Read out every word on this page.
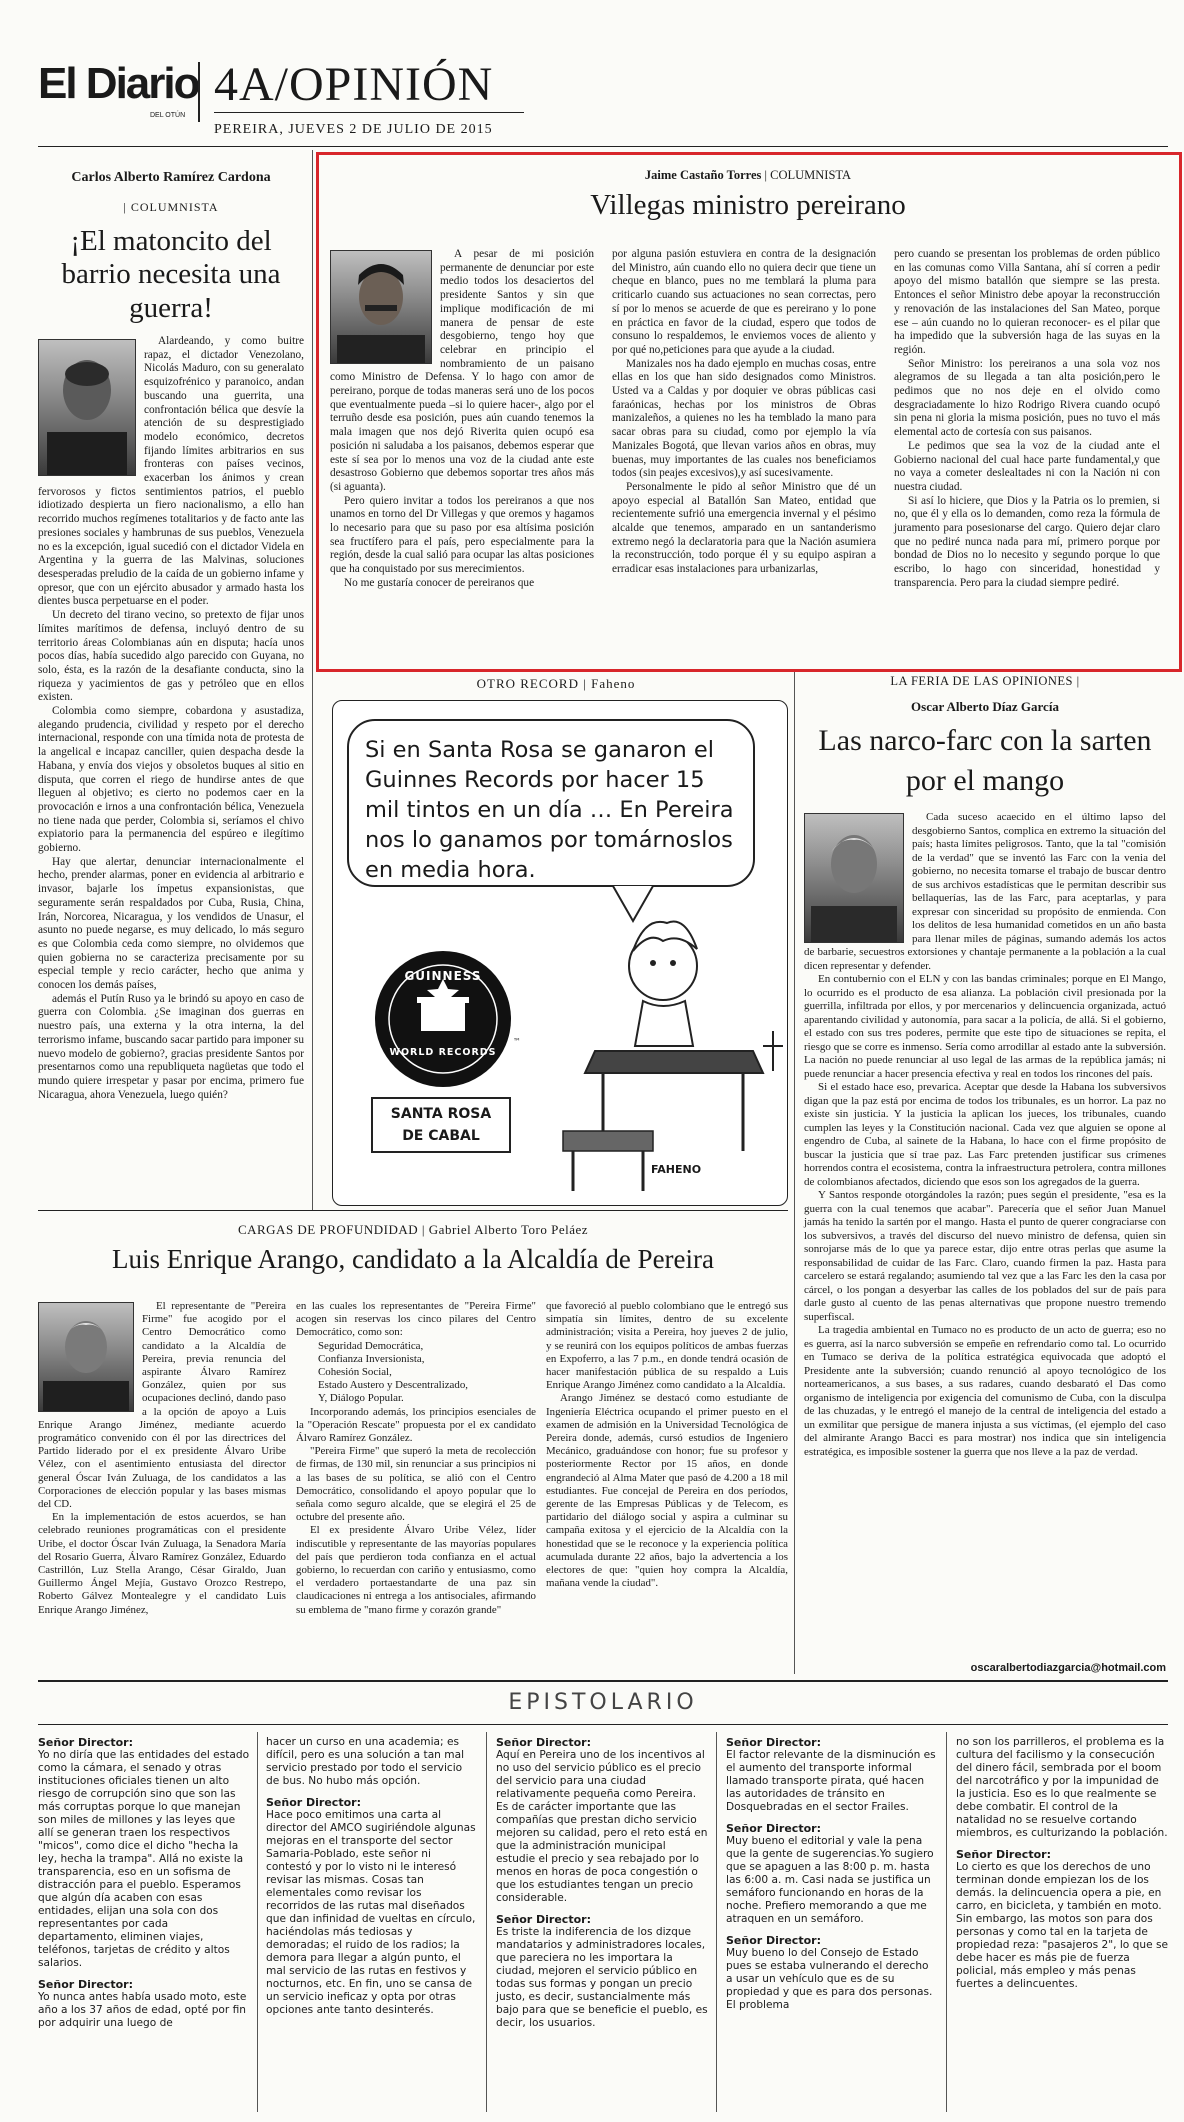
El Diario
DEL OTÚN
4A/OPINIÓN
PEREIRA, JUEVES 2 DE JULIO DE 2015
Carlos Alberto Ramírez Cardona
| COLUMNISTA
¡El matoncito del barrio necesita una guerra!

Alardeando, y como buitre rapaz, el dictador Venezolano, Nicolás Maduro, con su generalato esquizofrénico y paranoico, andan buscando una guerrita, una confrontación bélica que desvíe la atención de su desprestigiado modelo económico, decretos fijando límites arbitrarios en sus fronteras con países vecinos, exacerban los ánimos y crean fervorosos y fictos sentimientos patrios, el pueblo idiotizado despierta un fiero nacionalismo, a ello han recorrido muchos regímenes totalitarios y de facto ante las presiones sociales y hambrunas de sus pueblos, Venezuela no es la excepción, igual sucedió con el dictador Videla en Argentina y la guerra de las Malvinas, soluciones desesperadas preludio de la caída de un gobierno infame y opresor, que con un ejército abusador y armado hasta los dientes busca perpetuarse en el poder.

Un decreto del tirano vecino, so pretexto de fijar unos límites marítimos de defensa, incluyó dentro de su territorio áreas Colombianas aún en disputa; hacía unos pocos días, había sucedido algo parecido con Guyana, no solo, ésta, es la razón de la desafiante conducta, sino la riqueza y yacimientos de gas y petróleo que en ellos existen.

Colombia como siempre, cobardona y asustadiza, alegando prudencia, civilidad y respeto por el derecho internacional, responde con una tímida nota de protesta de la angelical e incapaz canciller, quien despacha desde la Habana, y envía dos viejos y obsoletos buques al sitio en disputa, que corren el riego de hundirse antes de que lleguen al objetivo; es cierto no podemos caer en la provocación e irnos a una confrontación bélica, Venezuela no tiene nada que perder, Colombia si, seríamos el chivo expiatorio para la permanencia del espúreo e ilegítimo gobierno.

Hay que alertar, denunciar internacionalmente el hecho, prender alarmas, poner en evidencia al arbitrario e invasor, bajarle los ímpetus expansionistas, que seguramente serán respaldados por Cuba, Rusia, China, Irán, Norcorea, Nicaragua, y los vendidos de Unasur, el asunto no puede negarse, es muy delicado, lo más seguro es que Colombia ceda como siempre, no olvidemos que quien gobierna no se caracteriza precisamente por su especial temple y recio carácter, hecho que anima y conocen los demás países,

además el Putín Ruso ya le brindó su apoyo en caso de guerra con Colombia. ¿Se imaginan dos guerras en nuestro país, una externa y la otra interna, la del terrorismo infame, buscando sacar partido para imponer su nuevo modelo de gobierno?, gracias presidente Santos por presentarnos como una republiqueta nagüetas que todo el mundo quiere irrespetar y pasar por encima, primero fue Nicaragua, ahora Venezuela, luego quién?

Jaime Castaño Torres | COLUMNISTA
Villegas ministro pereirano

A pesar de mi posición permanente de denunciar por este medio todos los desaciertos del presidente Santos y sin que implique modificación de mi manera de pensar de este desgobierno, tengo hoy que celebrar en principio el nombramiento de un paisano como Ministro de Defensa. Y lo hago con amor de pereirano, porque de todas maneras será uno de los pocos que eventualmente pueda –si lo quiere hacer-, algo por el terruño desde esa posición, pues aún cuando tenemos la mala imagen que nos dejó Riverita quien ocupó esa posición ni saludaba a los paisanos, debemos esperar que este sí sea por lo menos una voz de la ciudad ante este desastroso Gobierno que debemos soportar tres años más (si aguanta).

Pero quiero invitar a todos los pereiranos a que nos unamos en torno del Dr Villegas y que oremos y hagamos lo necesario para que su paso por esa altísima posición sea fructífero para el país, pero especialmente para la región, desde la cual salió para ocupar las altas posiciones que ha conquistado por sus merecimientos.

No me gustaría conocer de pereiranos que

por alguna pasión estuviera en contra de la designación del Ministro, aún cuando ello no quiera decir que tiene un cheque en blanco, pues no me temblará la pluma para criticarlo cuando sus actuaciones no sean correctas, pero sí por lo menos se acuerde de que es pereirano y lo pone en práctica en favor de la ciudad, espero que todos de consuno lo respaldemos, le enviemos voces de aliento y por qué no,peticiones para que ayude a la ciudad.

Manizales nos ha dado ejemplo en muchas cosas, entre ellas en los que han sido designados como Ministros. Usted va a Caldas y por doquier ve obras públicas casi faraónicas, hechas por los ministros de Obras manizaleños, a quienes no les ha temblado la mano para sacar obras para su ciudad, como por ejemplo la vía Manizales Bogotá, que llevan varios años en obras, muy buenas, muy importantes de las cuales nos beneficiamos todos (sin peajes excesivos),y así sucesivamente.

Personalmente le pido al señor Ministro que dé un apoyo especial al Batallón San Mateo, entidad que recientemente sufrió una emergencia invernal y el pésimo alcalde que tenemos, amparado en un santanderismo extremo negó la declaratoria para que la Nación asumiera la reconstrucción, todo porque él y su equipo aspiran a erradicar esas instalaciones para urbanizarlas,

pero cuando se presentan los problemas de orden público en las comunas como Villa Santana, ahí sí corren a pedir apoyo del mismo batallón que siempre se las presta. Entonces el señor Ministro debe apoyar la reconstrucción y renovación de las instalaciones del San Mateo, porque ese – aún cuando no lo quieran reconocer- es el pilar que ha impedido que la subversión haga de las suyas en la región.

Señor Ministro: los pereiranos a una sola voz nos alegramos de su llegada a tan alta posición,pero le pedimos que no nos deje en el olvido como desgraciadamente lo hizo Rodrigo Rivera cuando ocupó sin pena ni gloria la misma posición, pues no tuvo el más elemental acto de cortesía con sus paisanos.

Le pedimos que sea la voz de la ciudad ante el Gobierno nacional del cual hace parte fundamental,y que no vaya a cometer deslealtades ni con la Nación ni con nuestra ciudad.

Si así lo hiciere, que Dios y la Patria os lo premien, si no, que él y ella os lo demanden, como reza la fórmula de juramento para posesionarse del cargo. Quiero dejar claro que no pediré nunca nada para mí, primero porque por bondad de Dios no lo necesito y segundo porque lo que escribo, lo hago con sinceridad, honestidad y transparencia. Pero para la ciudad siempre pediré.

OTRO RECORD | Faheno
Si en Santa Rosa se ganaron el Guinnes Records por hacer 15 mil tintos en un día … En Pereira nos lo ganamos por tomárnoslos en media hora.
GUINNESS
WORLD RECORDS
™
SANTA ROSA
DE CABAL
FAHENO
LA FERIA DE LAS OPINIONES |
Oscar Alberto Díaz García
Las narco-farc con la sarten por el mango

Cada suceso acaecido en el último lapso del desgobierno Santos, complica en extremo la situación del país; hasta límites peligrosos. Tanto, que la tal "comisión de la verdad" que se inventó las Farc con la venia del gobierno, no necesita tomarse el trabajo de buscar dentro de sus archivos estadísticas que le permitan describir sus bellaquerías, las de las Farc, para aceptarlas, y para expresar con sinceridad su propósito de enmienda. Con los delitos de lesa humanidad cometidos en un año basta para llenar miles de páginas, sumando además los actos de barbarie, secuestros extorsiones y chantaje permanente a la población a la cual dicen representar y defender.

En contubernio con el ELN y con las bandas criminales; porque en El Mango, lo ocurrido es el producto de esa alianza. La población civil presionada por la guerrilla, infiltrada por ellos, y por mercenarios y delincuencia organizada, actuó aparentando civilidad y autonomía, para sacar a la policía, de allá. Si el gobierno, el estado con sus tres poderes, permite que este tipo de situaciones se repita, el riesgo que se corre es inmenso. Sería como arrodillar al estado ante la subversión. La nación no puede renunciar al uso legal de las armas de la república jamás; ni puede renunciar a hacer presencia efectiva y real en todos los rincones del país.

Si el estado hace eso, prevarica. Aceptar que desde la Habana los subversivos digan que la paz está por encima de todos los tribunales, es un horror. La paz no existe sin justicia. Y la justicia la aplican los jueces, los tribunales, cuando cumplen las leyes y la Constitución nacional. Cada vez que alguien se opone al engendro de Cuba, al sainete de la Habana, lo hace con el firme propósito de buscar la justicia que sí trae paz. Las Farc pretenden justificar sus crímenes horrendos contra el ecosistema, contra la infraestructura petrolera, contra millones de colombianos afectados, diciendo que esos son los agregados de la guerra.

Y Santos responde otorgándoles la razón; pues según el presidente, "esa es la guerra con la cual tenemos que acabar". Parecería que el señor Juan Manuel jamás ha tenido la sartén por el mango. Hasta el punto de querer congraciarse con los subversivos, a través del discurso del nuevo ministro de defensa, quien sin sonrojarse más de lo que ya parece estar, dijo entre otras perlas que asume la responsabilidad de cuidar de las Farc. Claro, cuando firmen la paz. Hasta para carcelero se estará regalando; asumiendo tal vez que a las Farc les den la casa por cárcel, o los pongan a desyerbar las calles de los poblados del sur de país para darle gusto al cuento de las penas alternativas que propone nuestro tremendo superfiscal.

La tragedia ambiental en Tumaco no es producto de un acto de guerra; eso no es guerra, así la narco subversión se empeñe en refrendario como tal. Lo ocurrido en Tumaco se deriva de la política estratégica equivocada que adoptó el Presidente ante la subversión; cuando renunció al apoyo tecnológico de los norteamericanos, a sus bases, a sus radares, cuando desbarató el Das como organismo de inteligencia por exigencia del comunismo de Cuba, con la disculpa de las chuzadas, y le entregó el manejo de la central de inteligencia del estado a un exmilitar que persigue de manera injusta a sus víctimas, (el ejemplo del caso del almirante Arango Bacci es para mostrar) nos indica que sin inteligencia estratégica, es imposible sostener la guerra que nos lleve a la paz de verdad.

oscaralbertodiazgarcia@hotmail.com
CARGAS DE PROFUNDIDAD | Gabriel Alberto Toro Peláez
Luis Enrique Arango, candidato a la Alcaldía de Pereira

El representante de "Pereira Firme" fue acogido por el Centro Democrático como candidato a la Alcaldía de Pereira, previa renuncia del aspirante Álvaro Ramírez González, quien por sus ocupaciones declinó, dando paso a la opción de apoyo a Luis Enrique Arango Jiménez, mediante acuerdo programático convenido con él por las directrices del Partido liderado por el ex presidente Álvaro Uribe Vélez, con el asentimiento entusiasta del director general Óscar Iván Zuluaga, de los candidatos a las Corporaciones de elección popular y las bases mismas del CD.

En la implementación de estos acuerdos, se han celebrado reuniones programáticas con el presidente Uribe, el doctor Óscar Iván Zuluaga, la Senadora María del Rosario Guerra, Álvaro Ramírez González, Eduardo Castrillón, Luz Stella Arango, César Giraldo, Juan Guillermo Ángel Mejía, Gustavo Orozco Restrepo, Roberto Gálvez Montealegre y el candidato Luis Enrique Arango Jiménez,

en las cuales los representantes de "Pereira Firme" acogen sin reservas los cinco pilares del Centro Democrático, como son:

Seguridad Democrática,
Confianza Inversionista,
Cohesión Social,
Estado Austero y Descentralizado,
Y, Diálogo Popular.

Incorporando además, los principios esenciales de la "Operación Rescate" propuesta por el ex candidato Álvaro Ramírez González.

"Pereira Firme" que superó la meta de recolección de firmas, de 130 mil, sin renunciar a sus principios ni a las bases de su política, se alió con el Centro Democrático, consolidando el apoyo popular que lo señala como seguro alcalde, que se elegirá el 25 de octubre del presente año.

El ex presidente Álvaro Uribe Vélez, líder indiscutible y representante de las mayorías populares del país que perdieron toda confianza en el actual gobierno, lo recuerdan con cariño y entusiasmo, como el verdadero portaestandarte de una paz sin claudicaciones ni entrega a los antisociales, afirmando su emblema de "mano firme y corazón grande"

que favoreció al pueblo colombiano que le entregó sus simpatía sin límites, dentro de su excelente administración; visita a Pereira, hoy jueves 2 de julio, y se reunirá con los equipos políticos de ambas fuerzas en Expoferro, a las 7 p.m., en donde tendrá ocasión de hacer manifestación pública de su respaldo a Luis Enrique Arango Jiménez como candidato a la Alcaldía.

Arango Jiménez se destacó como estudiante de Ingeniería Eléctrica ocupando el primer puesto en el examen de admisión en la Universidad Tecnológica de Pereira donde, además, cursó estudios de Ingeniero Mecánico, graduándose con honor; fue su profesor y posteriormente Rector por 15 años, en donde engrandeció al Alma Mater que pasó de 4.200 a 18 mil estudiantes. Fue concejal de Pereira en dos períodos, gerente de las Empresas Públicas y de Telecom, es partidario del diálogo social y aspira a culminar su campaña exitosa y el ejercicio de la Alcaldía con la honestidad que se le reconoce y la experiencia política acumulada durante 22 años, bajo la advertencia a los electores de que: "quien hoy compra la Alcaldía, mañana vende la ciudad".

EPISTOLARIO
Señor Director:

Yo no diría que las entidades del estado como la cámara, el senado y otras instituciones oficiales tienen un alto riesgo de corrupción sino que son las más corruptas porque lo que manejan son miles de millones y las leyes que allí se generan traen los respectivos "micos", como dice el dicho "hecha la ley, hecha la trampa". Allá no existe la transparencia, eso en un sofisma de distracción para el pueblo. Esperamos que algún día acaben con esas entidades, elijan una sola con dos representantes por cada departamento, eliminen viajes, teléfonos, tarjetas de crédito y altos salarios.

Señor Director:

Yo nunca antes había usado moto, este año a los 37 años de edad, opté por fin por adquirir una luego de

hacer un curso en una academia; es difícil, pero es una solución a tan mal servicio prestado por todo el servicio de bus. No hubo más opción.

Señor Director:

Hace poco emitimos una carta al director del AMCO sugiriéndole algunas mejoras en el transporte del sector Samaria-Poblado, este señor ni contestó y por lo visto ni le interesó revisar las mismas. Cosas tan elementales como revisar los recorridos de las rutas mal diseñados que dan infinidad de vueltas en círculo, haciéndolas más tediosas y demoradas; el ruido de los radios; la demora para llegar a algún punto, el mal servicio de las rutas en festivos y nocturnos, etc. En fin, uno se cansa de un servicio ineficaz y opta por otras opciones ante tanto desinterés.

Señor Director:

Aquí en Pereira uno de los incentivos al no uso del servicio público es el precio del servicio para una ciudad relativamente pequeña como Pereira. Es de carácter importante que las compañías que prestan dicho servicio mejoren su calidad, pero el reto está en que la administración municipal estudie el precio y sea rebajado por lo menos en horas de poca congestión o que los estudiantes tengan un precio considerable.

Señor Director:

Es triste la indiferencia de los dizque mandatarios y administradores locales, que pareciera no les importara la ciudad, mejoren el servicio público en todas sus formas y pongan un precio justo, es decir, sustancialmente más bajo para que se beneficie el pueblo, es decir, los usuarios.

Señor Director:

El factor relevante de la disminución es el aumento del transporte informal llamado transporte pirata, qué hacen las autoridades de tránsito en Dosquebradas en el sector Frailes.

Señor Director:

Muy bueno el editorial y vale la pena que la gente de sugerencias.Yo sugiero que se apaguen a las 8:00 p. m. hasta las 6:00 a. m. Casi nada se justifica un semáforo funcionando en horas de la noche. Prefiero memorando a que me atraquen en un semáforo.

Señor Director:

Muy bueno lo del Consejo de Estado pues se estaba vulnerando el derecho a usar un vehículo que es de su propiedad y que es para dos personas. El problema

no son los parrilleros, el problema es la cultura del facilismo y la consecución del dinero fácil, sembrada por el boom del narcotráfico y por la impunidad de la justicia. Eso es lo que realmente se debe combatir. El control de la natalidad no se resuelve cortando miembros, es culturizando la población.

Señor Director:

Lo cierto es que los derechos de uno terminan donde empiezan los de los demás. la delincuencia opera a pie, en carro, en bicicleta, y también en moto. Sin embargo, las motos son para dos personas y como tal en la tarjeta de propiedad reza: "pasajeros 2", lo que se debe hacer es más pie de fuerza policial, más empleo y más penas fuertes a delincuentes.
